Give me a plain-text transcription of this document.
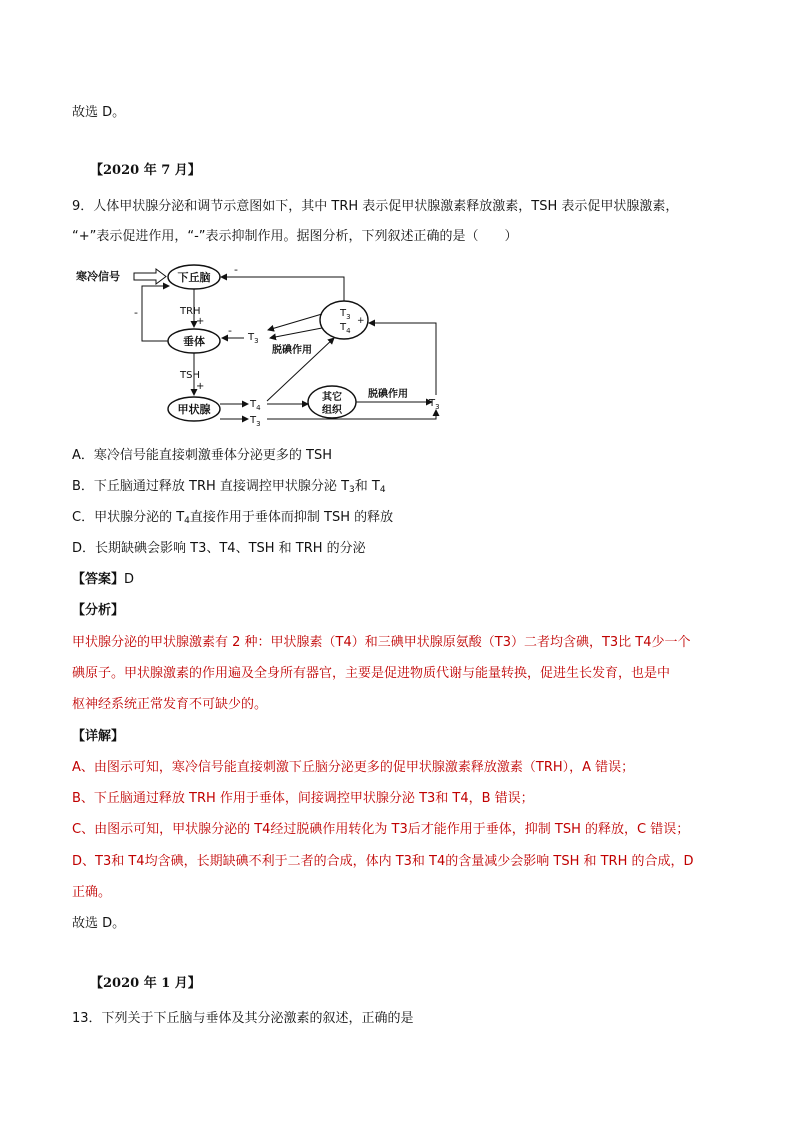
故选 D。
【2020 年 7 月】
9．人体甲状腺分泌和调节示意图如下，其中 TRH 表示促甲状腺激素释放激素，TSH 表示促甲状腺激素，
“+”表示促进作用，“-”表示抑制作用。据图分析，下列叙述正确的是（　　）
寒冷信号	下丘脑
垂体
甲状腺
TRH
+
TSH
+
-	$T_3$
$T_4$
+
-
$T_3$
-
脱碘作用
$T_4$
$T_3$
其它
组织
脱碘作用
$T_3$
A．寒冷信号能直接刺激垂体分泌更多的 TSH
B．下丘脑通过释放 TRH 直接调控甲状腺分泌 $T_3$和 $T_4$
C．甲状腺分泌的 $T_4$直接作用于垂体而抑制 TSH 的释放
D．长期缺碘会影响 T3、T4、TSH 和 TRH 的分泌
【答案】D
【分析】
甲状腺分泌的甲状腺激素有 2 种：甲状腺素（T4）和三碘甲状腺原氨酸（T3）二者均含碘，T3比 T4少一个
碘原子。甲状腺激素的作用遍及全身所有器官，主要是促进物质代谢与能量转换，促进生长发育，也是中
枢神经系统正常发育不可缺少的。
【详解】
A、由图示可知，寒冷信号能直接刺激下丘脑分泌更多的促甲状腺激素释放激素（TRH），A 错误；
B、下丘脑通过释放 TRH 作用于垂体，间接调控甲状腺分泌 T3和 T4，B 错误；
C、由图示可知，甲状腺分泌的 T4经过脱碘作用转化为 T3后才能作用于垂体，抑制 TSH 的释放，C 错误；
D、T3和 T4均含碘，长期缺碘不利于二者的合成，体内 T3和 T4的含量减少会影响 TSH 和 TRH 的合成，D
正确。
故选 D。
【2020 年 1 月】
13．下列关于下丘脑与垂体及其分泌激素的叙述，正确的是
